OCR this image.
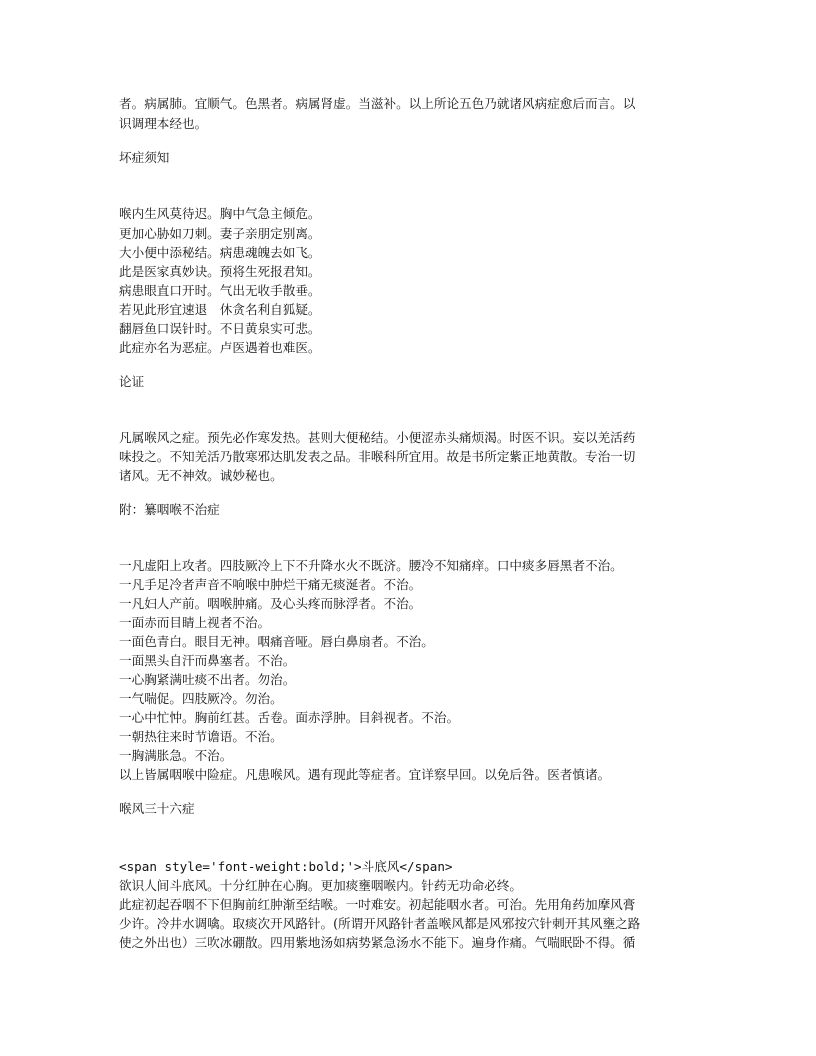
者。病属肺。宜顺气。色黑者。病属肾虚。当滋补。以上所论五色乃就诸风病症愈后而言。以
识调理本经也。
坏症须知
喉内生风莫待迟。胸中气急主倾危。
更加心胁如刀刺。妻子亲朋定别离。
大小便中添秘结。病患魂魄去如飞。
此是医家真妙诀。预将生死报君知。
病患眼直口开时。气出无收手散垂。
若见此形宜速退　休贪名利自狐疑。
翻唇鱼口误针时。不日黄泉实可悲。
此症亦名为恶症。卢医遇着也难医。
论证
凡属喉风之症。预先必作寒发热。甚则大便秘结。小便涩赤头痛烦渴。时医不识。妄以羌活药
味投之。不知羌活乃散寒邪达肌发表之品。非喉科所宜用。故是书所定紫正地黄散。专治一切
诸风。无不神效。诚妙秘也。
附：纂咽喉不治症
一凡虚阳上攻者。四肢厥冷上下不升降水火不既济。腰冷不知痛痒。口中痰多唇黑者不治。
一凡手足冷者声音不响喉中肿烂干痛无痰涎者。不治。
一凡妇人产前。咽喉肿痛。及心头疼而脉浮者。不治。
一面赤而目睛上视者不治。
一面色青白。眼目无神。咽痛音哑。唇白鼻扇者。不治。
一面黑头自汗而鼻塞者。不治。
一心胸紧满吐痰不出者。勿治。
一气喘促。四肢厥冷。勿治。
一心中忙忡。胸前红甚。舌卷。面赤浮肿。目斜视者。不治。
一朝热往来时节谵语。不治。
一胸满胀急。不治。
以上皆属咽喉中险症。凡患喉风。遇有现此等症者。宜详察早回。以免后咎。医者慎诸。
喉风三十六症
<span style='font-weight:bold;'>斗底风</span>
欲识人间斗底风。十分红肿在心胸。更加痰壅咽喉内。针药无功命必终。
此症初起吞咽不下但胸前红肿渐至结喉。一吋难安。初起能咽水者。可治。先用角药加摩风膏
少许。冷井水调噙。取痰次开风路针。(所谓开风路针者盖喉风都是风邪按穴针刺开其风壅之路
使之外出也）三吹冰硼散。四用紫地汤如病势紧急汤水不能下。遍身作痛。气喘眠卧不得。循
